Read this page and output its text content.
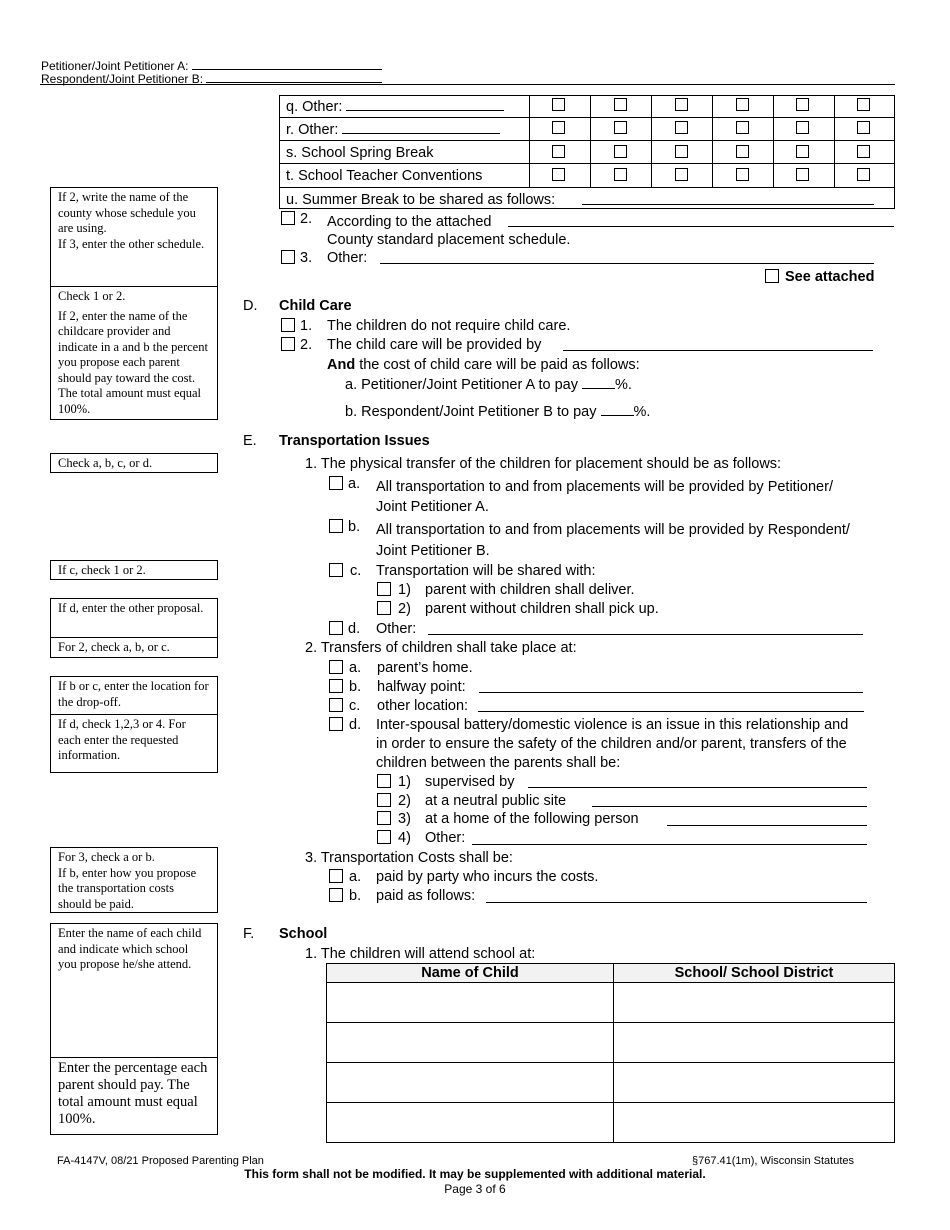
Petitioner/Joint Petitioner A:
Respondent/Joint Petitioner B:
q. Other:
r. Other:
s. School Spring Break
t. School Teacher Conventions
u. Summer Break to be shared as follows:
2. According to the attached
County standard placement schedule.
3. Other:
See attached
D. Child Care
1. The children do not require child care.
2. The child care will be provided by
And the cost of child care will be paid as follows:
a. Petitioner/Joint Petitioner A to pay	%.
b. Respondent/Joint Petitioner B to pay	%.
E. Transportation Issues
1. The physical transfer of the children for placement should be as follows:
a. All transportation to and from placements will be provided by Petitioner/
Joint Petitioner A.
b. All transportation to and from placements will be provided by Respondent/
Joint Petitioner B.
c. Transportation will be shared with:
1) parent with children shall deliver.
2) parent without children shall pick up.
d. Other:
2. Transfers of children shall take place at:
a. parent’s home.
b. halfway point:
c. other location:
d. Inter-spousal battery/domestic violence is an issue in this relationship and
in order to ensure the safety of the children and/or parent, transfers of the
children between the parents shall be:
1) supervised by
2) at a neutral public site
3) at a home of the following person
4) Other:
3. Transportation Costs shall be:
a. paid by party who incurs the costs.
b. paid as follows:
F. School
1. The children will attend school at:
Name of Child	School/ School District

If 2, write the name of the county whose schedule you are using.

If 3, enter the other schedule.

Check 1 or 2.

If 2, enter the name of the childcare provider and indicate in a and b the percent you propose each parent should pay toward the cost. The total amount must equal 100%.

Check a, b, c, or d.

If c, check 1 or 2.

If d, enter the other proposal.

For 2, check a, b, or c.

If b or c, enter the location for the drop-off.

If d, check 1,2,3 or 4. For each enter the requested information.

For 3, check a or b.

If b, enter how you propose the transportation costs should be paid.

Enter the name of each child and indicate which school you propose he/she attend.

Enter the percentage each parent should pay. The total amount must equal 100%.

FA-4147V, 08/21 Proposed Parenting Plan	§767.41(1m), Wisconsin Statutes
This form shall not be modified. It may be supplemented with additional material.
Page 3 of 6
